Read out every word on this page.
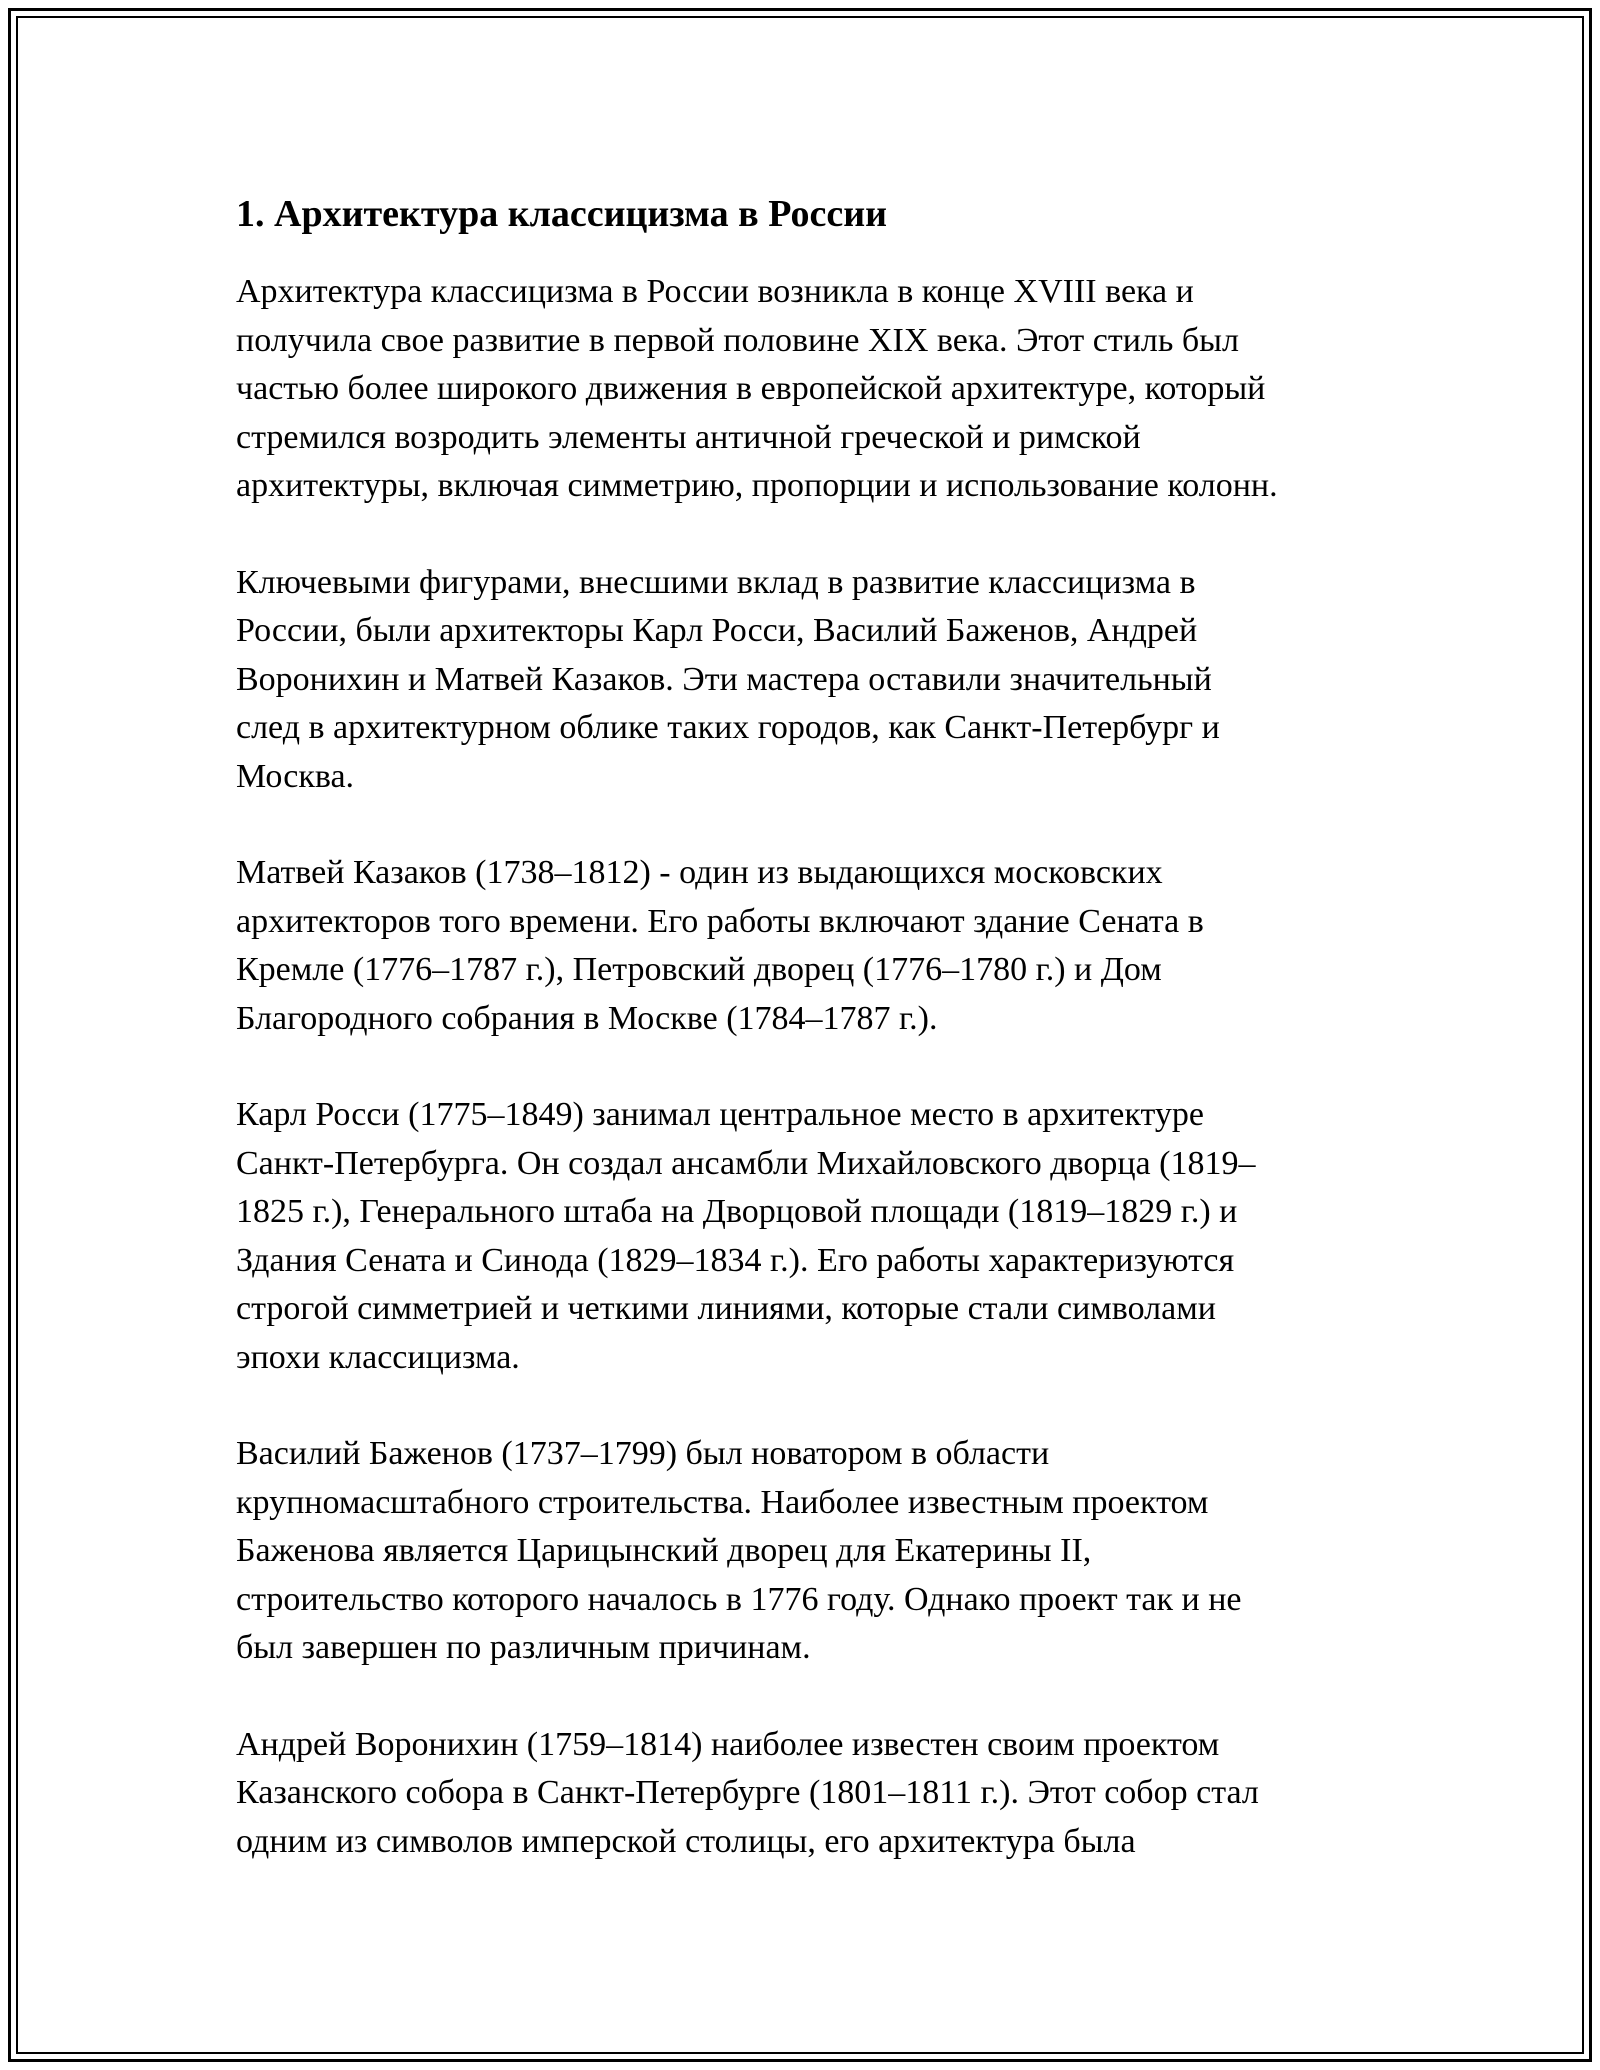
1. Архитектура классицизма в России

Архитектура классицизма в России возникла в конце XVIII века и
получила свое развитие в первой половине XIX века. Этот стиль был
частью более широкого движения в европейской архитектуре, который
стремился возродить элементы античной греческой и римской
архитектуры, включая симметрию, пропорции и использование колонн.

Ключевыми фигурами, внесшими вклад в развитие классицизма в
России, были архитекторы Карл Росси, Василий Баженов, Андрей
Воронихин и Матвей Казаков. Эти мастера оставили значительный
след в архитектурном облике таких городов, как Санкт-Петербург и
Москва.

Матвей Казаков (1738–1812) - один из выдающихся московских
архитекторов того времени. Его работы включают здание Сената в
Кремле (1776–1787 г.), Петровский дворец (1776–1780 г.) и Дом
Благородного собрания в Москве (1784–1787 г.).

Карл Росси (1775–1849) занимал центральное место в архитектуре
Санкт-Петербурга. Он создал ансамбли Михайловского дворца (1819–
1825 г.), Генерального штаба на Дворцовой площади (1819–1829 г.) и
Здания Сената и Синода (1829–1834 г.). Его работы характеризуются
строгой симметрией и четкими линиями, которые стали символами
эпохи классицизма.

Василий Баженов (1737–1799) был новатором в области
крупномасштабного строительства. Наиболее известным проектом
Баженова является Царицынский дворец для Екатерины II,
строительство которого началось в 1776 году. Однако проект так и не
был завершен по различным причинам.

Андрей Воронихин (1759–1814) наиболее известен своим проектом
Казанского собора в Санкт-Петербурге (1801–1811 г.). Этот собор стал
одним из символов имперской столицы, его архитектура была
